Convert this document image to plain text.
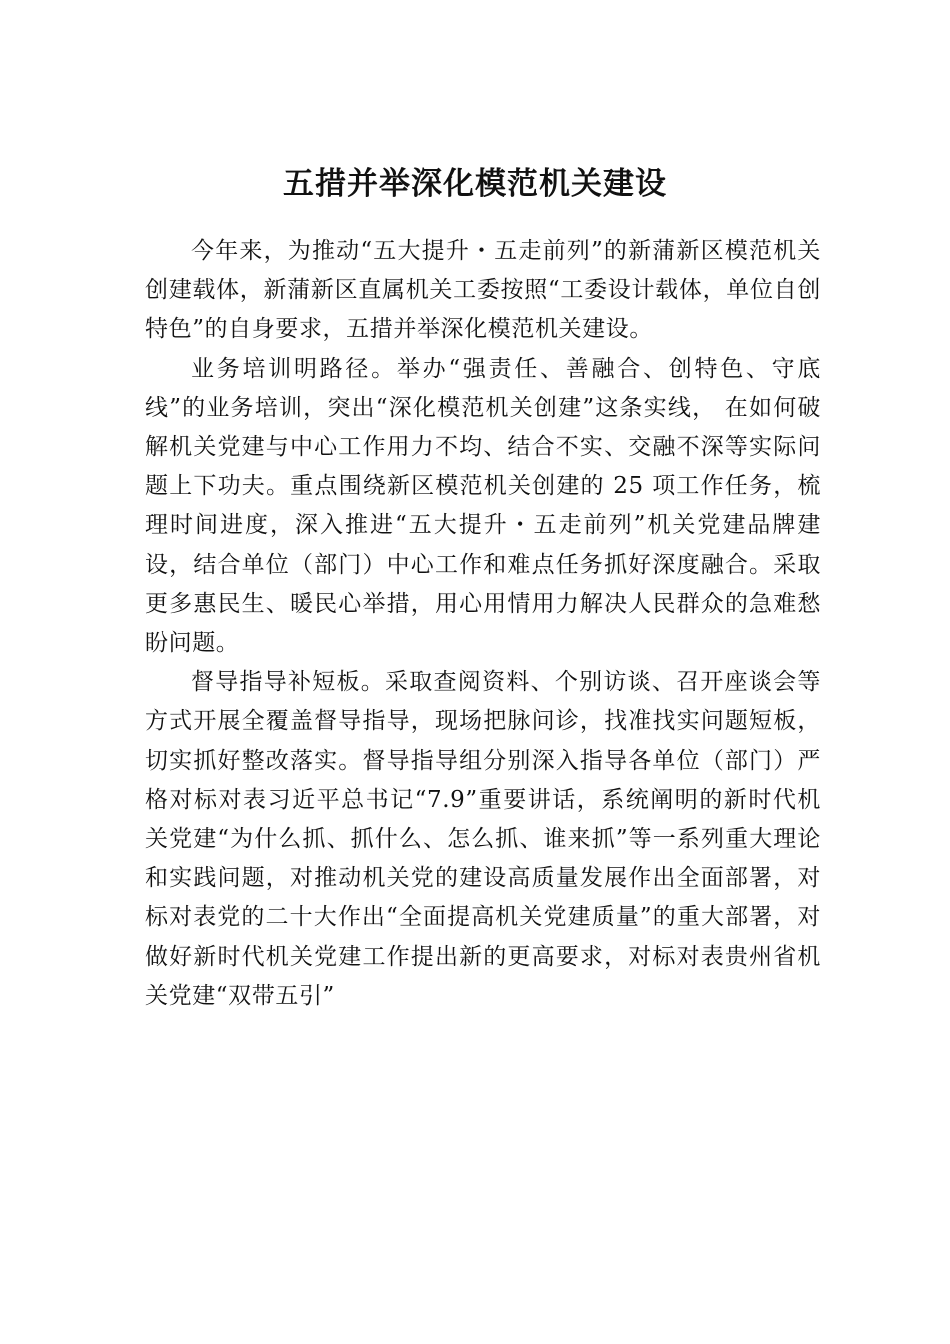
五措并举深化模范机关建设

今年来，为推动“五大提升・五走前列”的新蒲新区模范机关创建载体，新蒲新区直属机关工委按照“工委设计载体，单位自创特色”的自身要求，五措并举深化模范机关建设。

业务培训明路径。举办“强责任、善融合、创特色、守底线”的业务培训，突出“深化模范机关创建”这条实线， 在如何破解机关党建与中心工作用力不均、结合不实、交融不深等实际问题上下功夫。重点围绕新区模范机关创建的 25 项工作任务，梳理时间进度，深入推进“五大提升・五走前列”机关党建品牌建设，结合单位（部门）中心工作和难点任务抓好深度融合。采取更多惠民生、暖民心举措，用心用情用力解决人民群众的急难愁盼问题。

督导指导补短板。采取查阅资料、个别访谈、召开座谈会等方式开展全覆盖督导指导，现场把脉问诊，找准找实问题短板，切实抓好整改落实。督导指导组分别深入指导各单位（部门）严格对标对表习近平总书记“7.9”重要讲话，系统阐明的新时代机关党建“为什么抓、抓什么、怎么抓、谁来抓”等一系列重大理论和实践问题，对推动机关党的建设高质量发展作出全面部署，对标对表党的二十大作出“全面提高机关党建质量”的重大部署，对做好新时代机关党建工作提出新的更高要求，对标对表贵州省机关党建“双带五引”
